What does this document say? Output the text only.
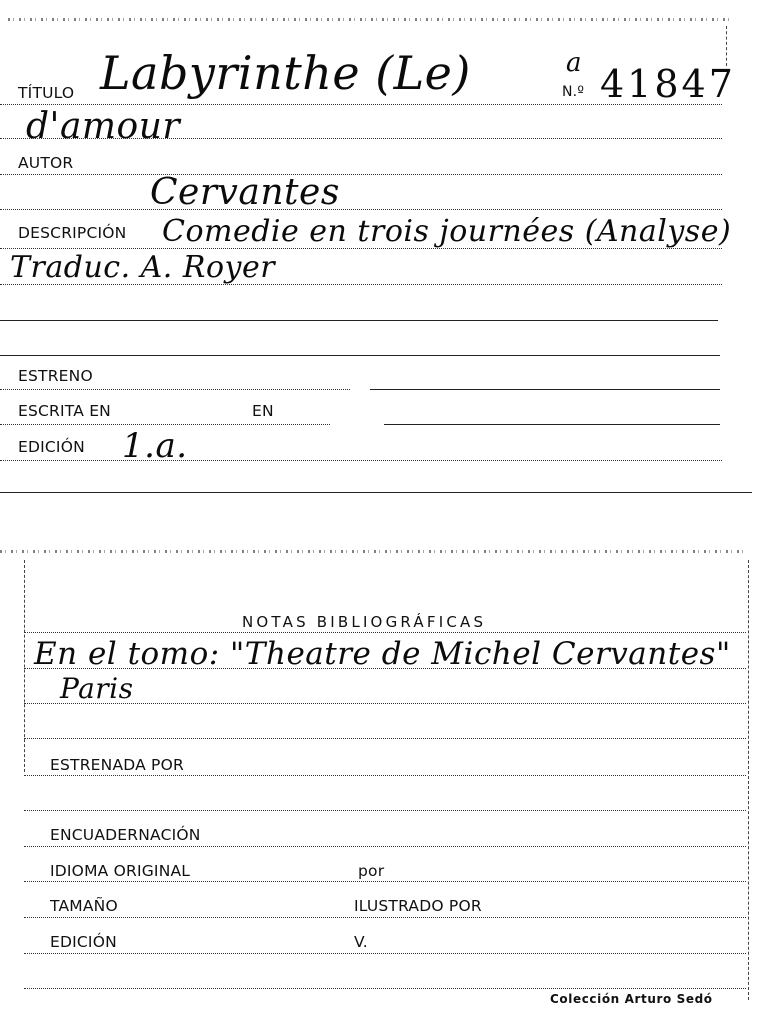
TÍTULO Labyrinthe (Le)	N.º
a 41847
d'amour
AUTOR
Cervantes
DESCRIPCIÓN Comedie en trois journées (Analyse)
Traduc. A. Royer
ESTRENO
ESCRITA EN	EN
EDICIÓN 1.a.
NOTAS BIBLIOGRÁFICAS
En el tomo: "Theatre de Michel Cervantes"
Paris
ESTRENADA POR
ENCUADERNACIÓN
IDIOMA ORIGINAL	por
TAMAÑO	ILUSTRADO POR
EDICIÓN	V.
Colección Arturo Sedó
